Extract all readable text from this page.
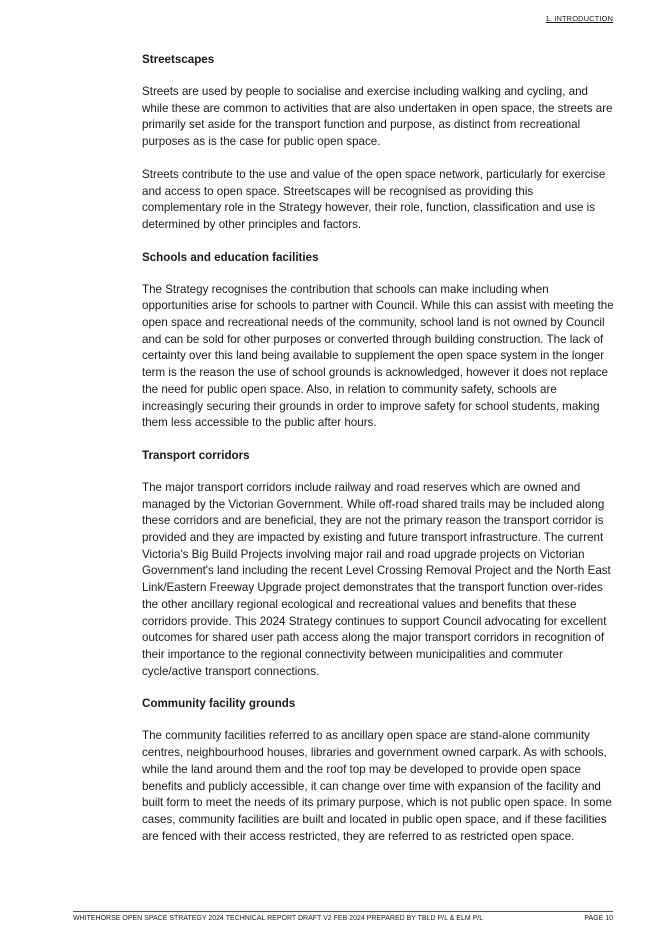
1. INTRODUCTION
Streetscapes

Streets are used by people to socialise and exercise including walking and cycling, and while these are common to activities that are also undertaken in open space, the streets are primarily set aside for the transport function and purpose, as distinct from recreational purposes as is the case for public open space.

Streets contribute to the use and value of the open space network, particularly for exercise and access to open space. Streetscapes will be recognised as providing this complementary role in the Strategy however, their role, function, classification and use is determined by other principles and factors.

Schools and education facilities

The Strategy recognises the contribution that schools can make including when opportunities arise for schools to partner with Council. While this can assist with meeting the open space and recreational needs of the community, school land is not owned by Council and can be sold for other purposes or converted through building construction. The lack of certainty over this land being available to supplement the open space system in the longer term is the reason the use of school grounds is acknowledged, however it does not replace the need for public open space. Also, in relation to community safety, schools are increasingly securing their grounds in order to improve safety for school students, making them less accessible to the public after hours.

Transport corridors

The major transport corridors include railway and road reserves which are owned and managed by the Victorian Government. While off-road shared trails may be included along these corridors and are beneficial, they are not the primary reason the transport corridor is provided and they are impacted by existing and future transport infrastructure. The current Victoria's Big Build Projects involving major rail and road upgrade projects on Victorian Government's land including the recent Level Crossing Removal Project and the North East Link/Eastern Freeway Upgrade project demonstrates that the transport function over-rides the other ancillary regional ecological and recreational values and benefits that these corridors provide. This 2024 Strategy continues to support Council advocating for excellent outcomes for shared user path access along the major transport corridors in recognition of their importance to the regional connectivity between municipalities and commuter cycle/active transport connections.

Community facility grounds

The community facilities referred to as ancillary open space are stand-alone community centres, neighbourhood houses, libraries and government owned carpark. As with schools, while the land around them and the roof top may be developed to provide open space benefits and publicly accessible, it can change over time with expansion of the facility and built form to meet the needs of its primary purpose, which is not public open space. In some cases, community facilities are built and located in public open space, and if these facilities are fenced with their access restricted, they are referred to as restricted open space.

WHITEHORSE OPEN SPACE STRATEGY 2024 TECHNICAL REPORT DRAFT V2 FEB 2024 PREPARED BY TBLD P/L & ELM P/L	PAGE 10
